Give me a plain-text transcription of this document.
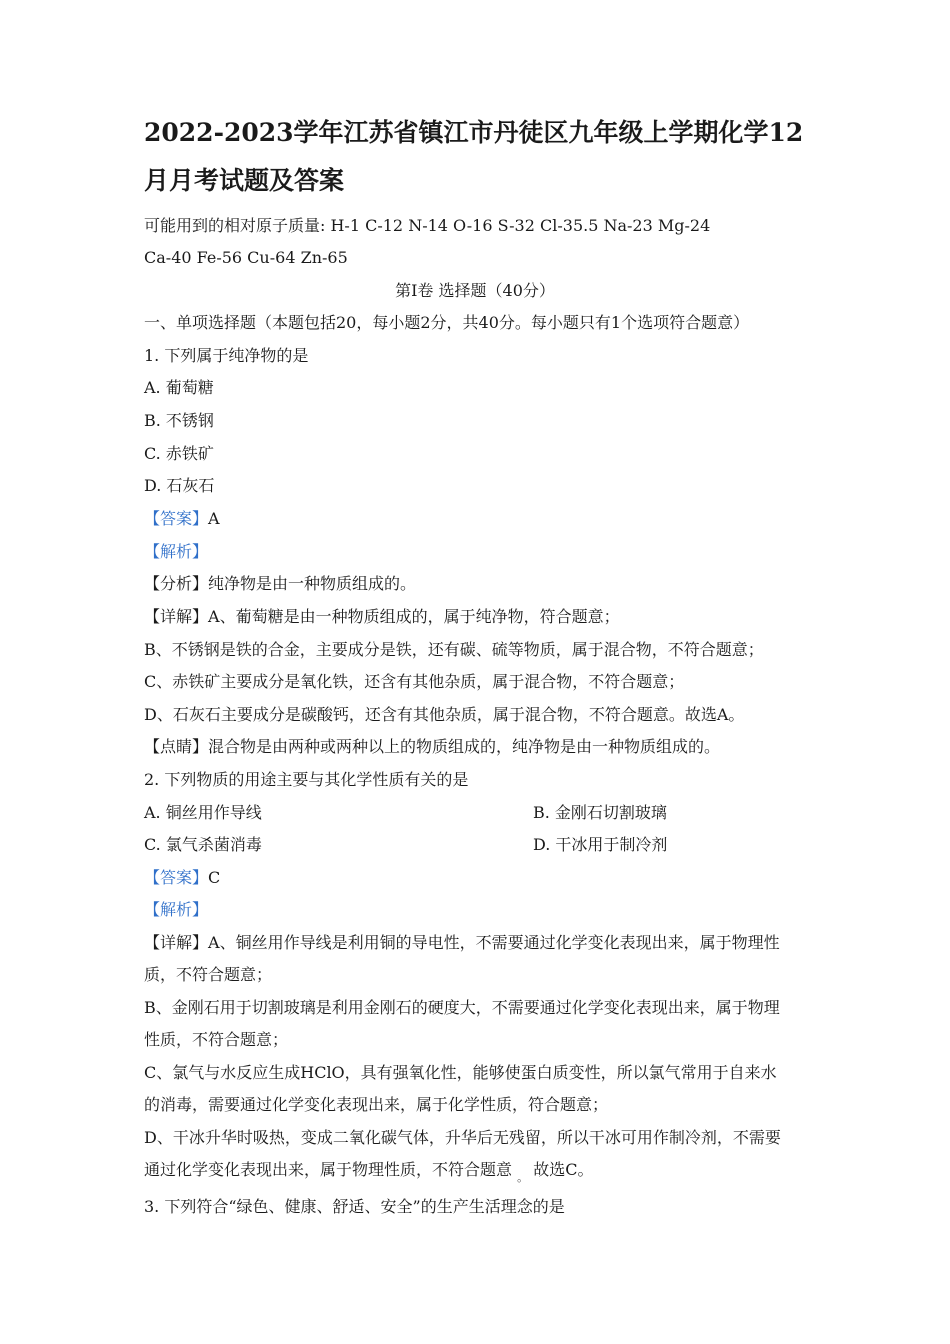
2022-2023学年江苏省镇江市丹徒区九年级上学期化学12
月月考试题及答案
可能用到的相对原子质量: H-1 C-12 N-14 O-16 S-32 Cl-35.5 Na-23 Mg-24
Ca-40 Fe-56 Cu-64 Zn-65
第Ⅰ卷 选择题（40分）
一、单项选择题（本题包括20，每小题2分，共40分。每小题只有1个选项符合题意）
1. 下列属于纯净物的是
A. 葡萄糖
B. 不锈钢
C. 赤铁矿
D. 石灰石
【答案】A
【解析】
【分析】纯净物是由一种物质组成的。
【详解】A、葡萄糖是由一种物质组成的，属于纯净物，符合题意；
B、不锈钢是铁的合金，主要成分是铁，还有碳、硫等物质，属于混合物，不符合题意；
C、赤铁矿主要成分是氧化铁，还含有其他杂质，属于混合物，不符合题意；
D、石灰石主要成分是碳酸钙，还含有其他杂质，属于混合物，不符合题意。故选A。
【点睛】混合物是由两种或两种以上的物质组成的，纯净物是由一种物质组成的。
2. 下列物质的用途主要与其化学性质有关的是
A. 铜丝用作导线	B. 金刚石切割玻璃
C. 氯气杀菌消毒	D. 干冰用于制冷剂
【答案】C
【解析】
【详解】A、铜丝用作导线是利用铜的导电性，不需要通过化学变化表现出来，属于物理性
质，不符合题意；
B、金刚石用于切割玻璃是利用金刚石的硬度大，不需要通过化学变化表现出来，属于物理
性质，不符合题意；
C、氯气与水反应生成HClO，具有强氧化性，能够使蛋白质变性，所以氯气常用于自来水
的消毒，需要通过化学变化表现出来，属于化学性质，符合题意；
D、干冰升华时吸热，变成二氧化碳气体，升华后无残留，所以干冰可用作制冷剂，不需要
通过化学变化表现出来，属于物理性质，不符合题意 $_。$ 故选C。
3. 下列符合“绿色、健康、舒适、安全”的生产生活理念的是
